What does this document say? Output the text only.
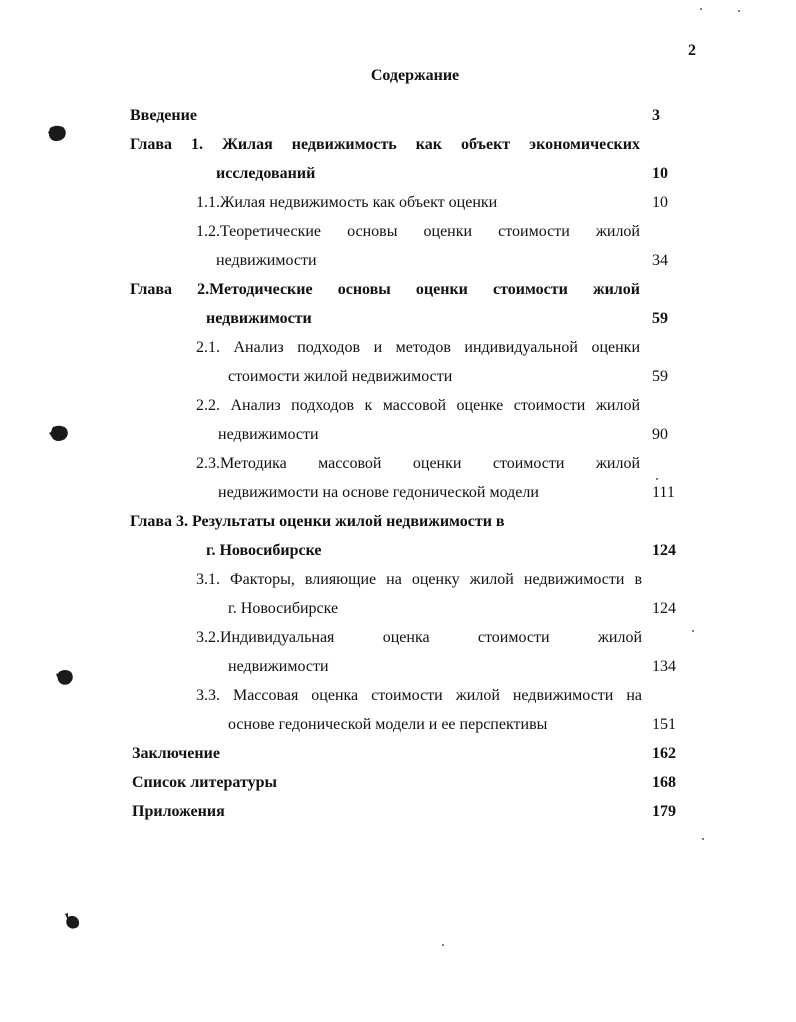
2
Содержание
Введение	3
Глава 1. Жилая недвижимость как объект экономических
исследований	10
1.1.Жилая недвижимость как объект оценки	10
1.2.Теоретические основы оценки стоимости жилой
недвижимости	34
Глава 2.Методические основы оценки стоимости жилой
недвижимости	59
2.1. Анализ подходов и методов индивидуальной оценки
стоимости жилой недвижимости	59
2.2. Анализ подходов к массовой оценке стоимости жилой
недвижимости	90
2.3.Методика массовой оценки стоимости жилой
недвижимости на основе гедонической модели	111
Глава 3. Результаты оценки жилой недвижимости в
г. Новосибирске	124
3.1. Факторы, влияющие на оценку жилой недвижимости в
г. Новосибирске	124
3.2.Индивидуальная оценка стоимости жилой
недвижимости	134
3.3. Массовая оценка стоимости жилой недвижимости на
основе гедонической модели и ее перспективы	151
Заключение	162
Список литературы	168
Приложения	179
